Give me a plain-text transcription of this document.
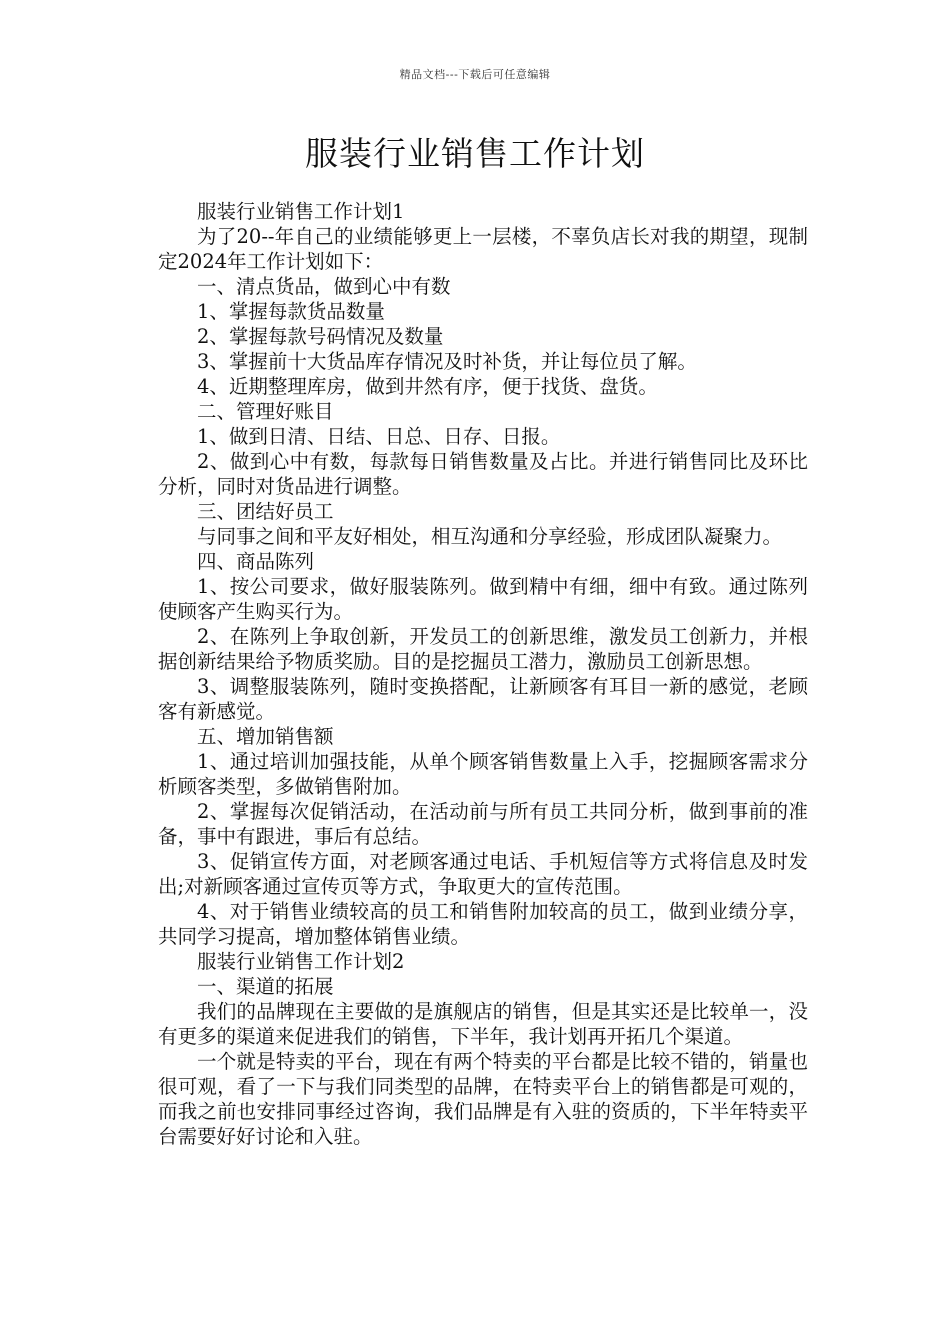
精品文档---下载后可任意编辑
服装行业销售工作计划

服装行业销售工作计划1

为了20--年自己的业绩能够更上一层楼，不辜负店长对我的期望，现制定2024年工作计划如下：

一、清点货品，做到心中有数

1、掌握每款货品数量

2、掌握每款号码情况及数量

3、掌握前十大货品库存情况及时补货，并让每位员了解。

4、近期整理库房，做到井然有序，便于找货、盘货。

二、管理好账目

1、做到日清、日结、日总、日存、日报。

2、做到心中有数，每款每日销售数量及占比。并进行销售同比及环比分析，同时对货品进行调整。

三、团结好员工

与同事之间和平友好相处，相互沟通和分享经验，形成团队凝聚力。

四、商品陈列

1、按公司要求，做好服装陈列。做到精中有细，细中有致。通过陈列使顾客产生购买行为。

2、在陈列上争取创新，开发员工的创新思维，激发员工创新力，并根据创新结果给予物质奖励。目的是挖掘员工潜力，激励员工创新思想。

3、调整服装陈列，随时变换搭配，让新顾客有耳目一新的感觉，老顾客有新感觉。

五、增加销售额

1、通过培训加强技能，从单个顾客销售数量上入手，挖掘顾客需求分析顾客类型，多做销售附加。

2、掌握每次促销活动，在活动前与所有员工共同分析，做到事前的准备，事中有跟进，事后有总结。

3、促销宣传方面，对老顾客通过电话、手机短信等方式将信息及时发出;对新顾客通过宣传页等方式，争取更大的宣传范围。

4、对于销售业绩较高的员工和销售附加较高的员工，做到业绩分享，共同学习提高，增加整体销售业绩。

服装行业销售工作计划2

一、渠道的拓展

我们的品牌现在主要做的是旗舰店的销售，但是其实还是比较单一，没有更多的渠道来促进我们的销售，下半年，我计划再开拓几个渠道。

一个就是特卖的平台，现在有两个特卖的平台都是比较不错的，销量也很可观，看了一下与我们同类型的品牌，在特卖平台上的销售都是可观的，而我之前也安排同事经过咨询，我们品牌是有入驻的资质的，下半年特卖平台需要好好讨论和入驻。
